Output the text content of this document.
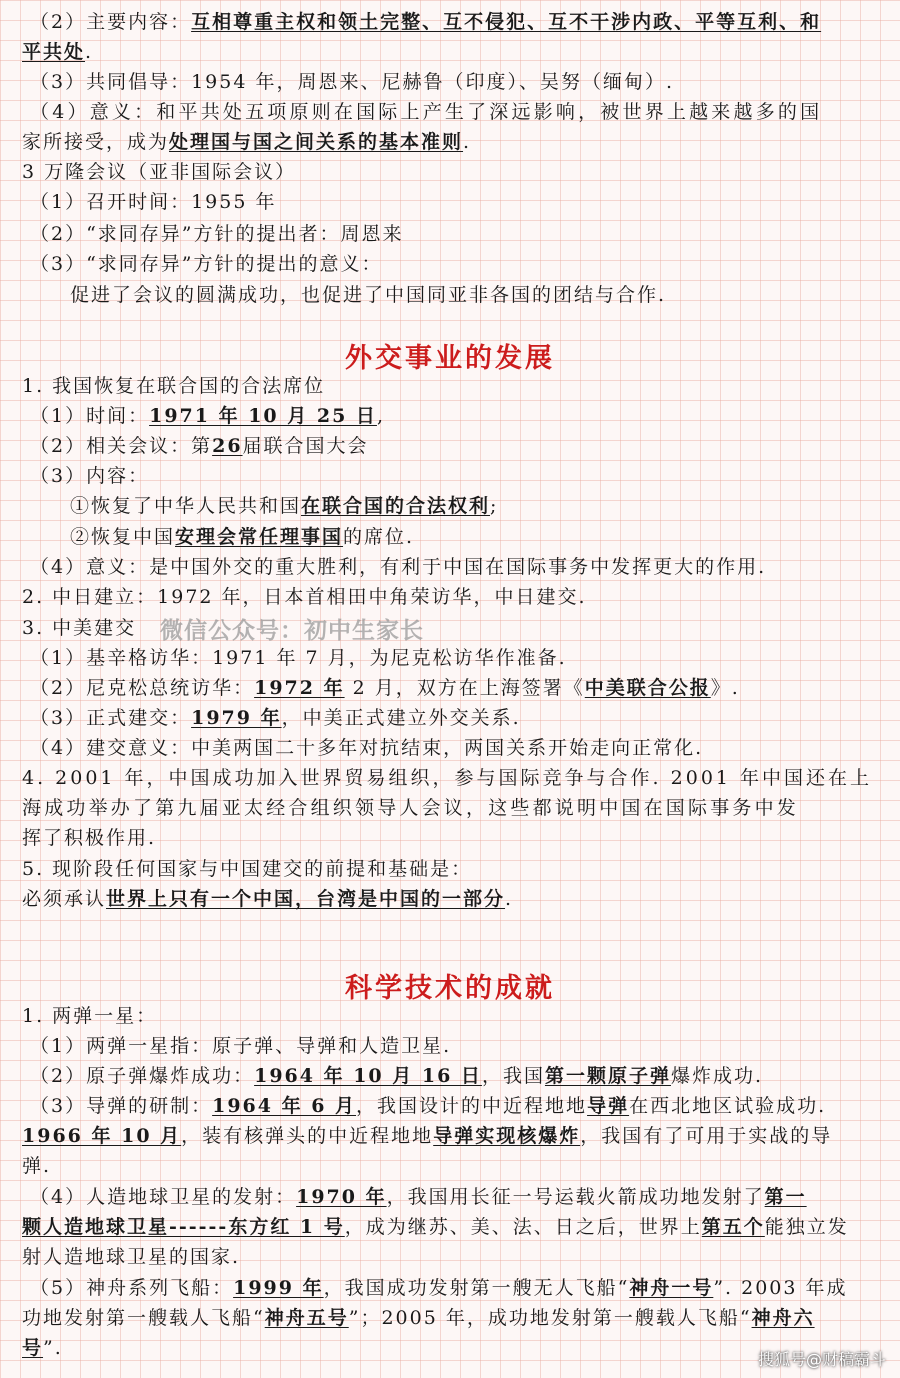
（2）主要内容：互相尊重主权和领土完整、互不侵犯、互不干涉内政、平等互利、和
平共处.
（3）共同倡导：1954 年，周恩来、尼赫鲁（印度）、吴努（缅甸）.
（4）意义：和平共处五项原则在国际上产生了深远影响，被世界上越来越多的国
家所接受，成为处理国与国之间关系的基本准则.
3 万隆会议（亚非国际会议）
（1）召开时间：1955 年
（2）“求同存异”方针的提出者：周恩来
（3）“求同存异”方针的提出的意义：
促进了会议的圆满成功，也促进了中国同亚非各国的团结与合作.
外交事业的发展
1. 我国恢复在联合国的合法席位
（1）时间：1971 年 10 月 25 日,
（2）相关会议：第26届联合国大会
（3）内容：
①恢复了中华人民共和国在联合国的合法权利;
②恢复中国安理会常任理事国的席位.
（4）意义：是中国外交的重大胜利，有利于中国在国际事务中发挥更大的作用.
2. 中日建立：1972 年，日本首相田中角荣访华，中日建交.
3. 中美建交
（1）基辛格访华：1971 年 7 月，为尼克松访华作准备.
（2）尼克松总统访华：1972 年 2 月，双方在上海签署《中美联合公报》.
（3）正式建交：1979 年，中美正式建立外交关系.
（4）建交意义：中美两国二十多年对抗结束，两国关系开始走向正常化.
4. 2001 年，中国成功加入世界贸易组织，参与国际竞争与合作. 2001 年中国还在上
海成功举办了第九届亚太经合组织领导人会议，这些都说明中国在国际事务中发
挥了积极作用.
5. 现阶段任何国家与中国建交的前提和基础是：
必须承认世界上只有一个中国，台湾是中国的一部分.
科学技术的成就
1. 两弹一星：
（1）两弹一星指：原子弹、导弹和人造卫星.
（2）原子弹爆炸成功：1964 年 10 月 16 日，我国第一颗原子弹爆炸成功.
（3）导弹的研制：1964 年 6 月，我国设计的中近程地地导弹在西北地区试验成功.
1966 年 10 月，装有核弹头的中近程地地导弹实现核爆炸，我国有了可用于实战的导
弹.
（4）人造地球卫星的发射：1970 年，我国用长征一号运载火箭成功地发射了第一
颗人造地球卫星------东方红 1 号，成为继苏、美、法、日之后，世界上第五个能独立发
射人造地球卫星的国家.
（5）神舟系列飞船：1999 年，我国成功发射第一艘无人飞船“神舟一号”. 2003 年成
功地发射第一艘载人飞船“神舟五号”；2005 年，成功地发射第一艘载人飞船“神舟六
号”.
微信公众号：初中生家长
搜狐号@财稿霸斗
